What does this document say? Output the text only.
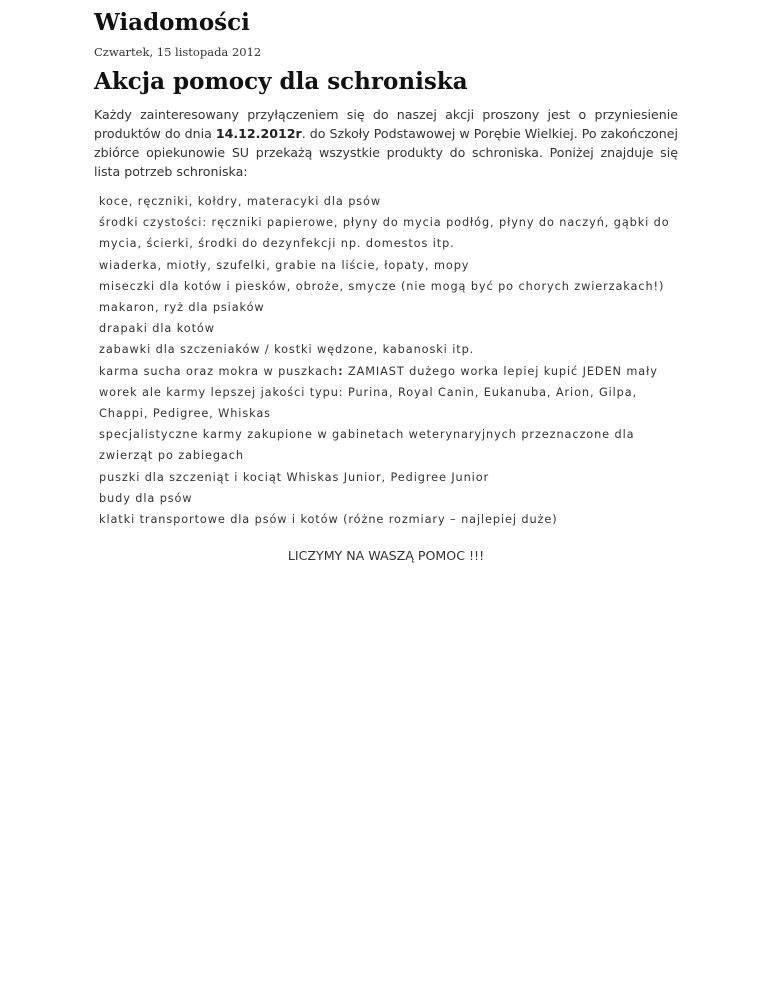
Wiadomości
Czwartek, 15 listopada 2012
Akcja pomocy dla schroniska

Każdy zainteresowany przyłączeniem się do naszej akcji proszony jest o przyniesienie produktów do dnia 14.12.2012r. do Szkoły Podstawowej w Porębie Wielkiej. Po zakończonej zbiórce opiekunowie SU przekażą wszystkie produkty do schroniska. Poniżej znajduje się lista potrzeb schroniska:

koce, ręczniki, kołdry, materacyki dla psów
środki czystości: ręczniki papierowe, płyny do mycia podłóg, płyny do naczyń, gąbki do mycia, ścierki, środki do dezynfekcji np. domestos itp.
wiaderka, miotły, szufelki, grabie na liście, łopaty, mopy
miseczki dla kotów i piesków, obroże, smycze (nie mogą być po chorych zwierzakach!)
makaron, ryż dla psiaków
drapaki dla kotów
zabawki dla szczeniaków / kostki wędzone, kabanoski itp.
karma sucha oraz mokra w puszkach: ZAMIAST dużego worka lepiej kupić JEDEN mały worek ale karmy lepszej jakości typu: Purina, Royal Canin, Eukanuba, Arion, Gilpa, Chappi, Pedigree, Whiskas
specjalistyczne karmy zakupione w gabinetach weterynaryjnych przeznaczone dla zwierząt po zabiegach
puszki dla szczeniąt i kociąt Whiskas Junior, Pedigree Junior
budy dla psów
klatki transportowe dla psów i kotów (różne rozmiary – najlepiej duże)
LICZYMY NA WASZĄ POMOC !!!
